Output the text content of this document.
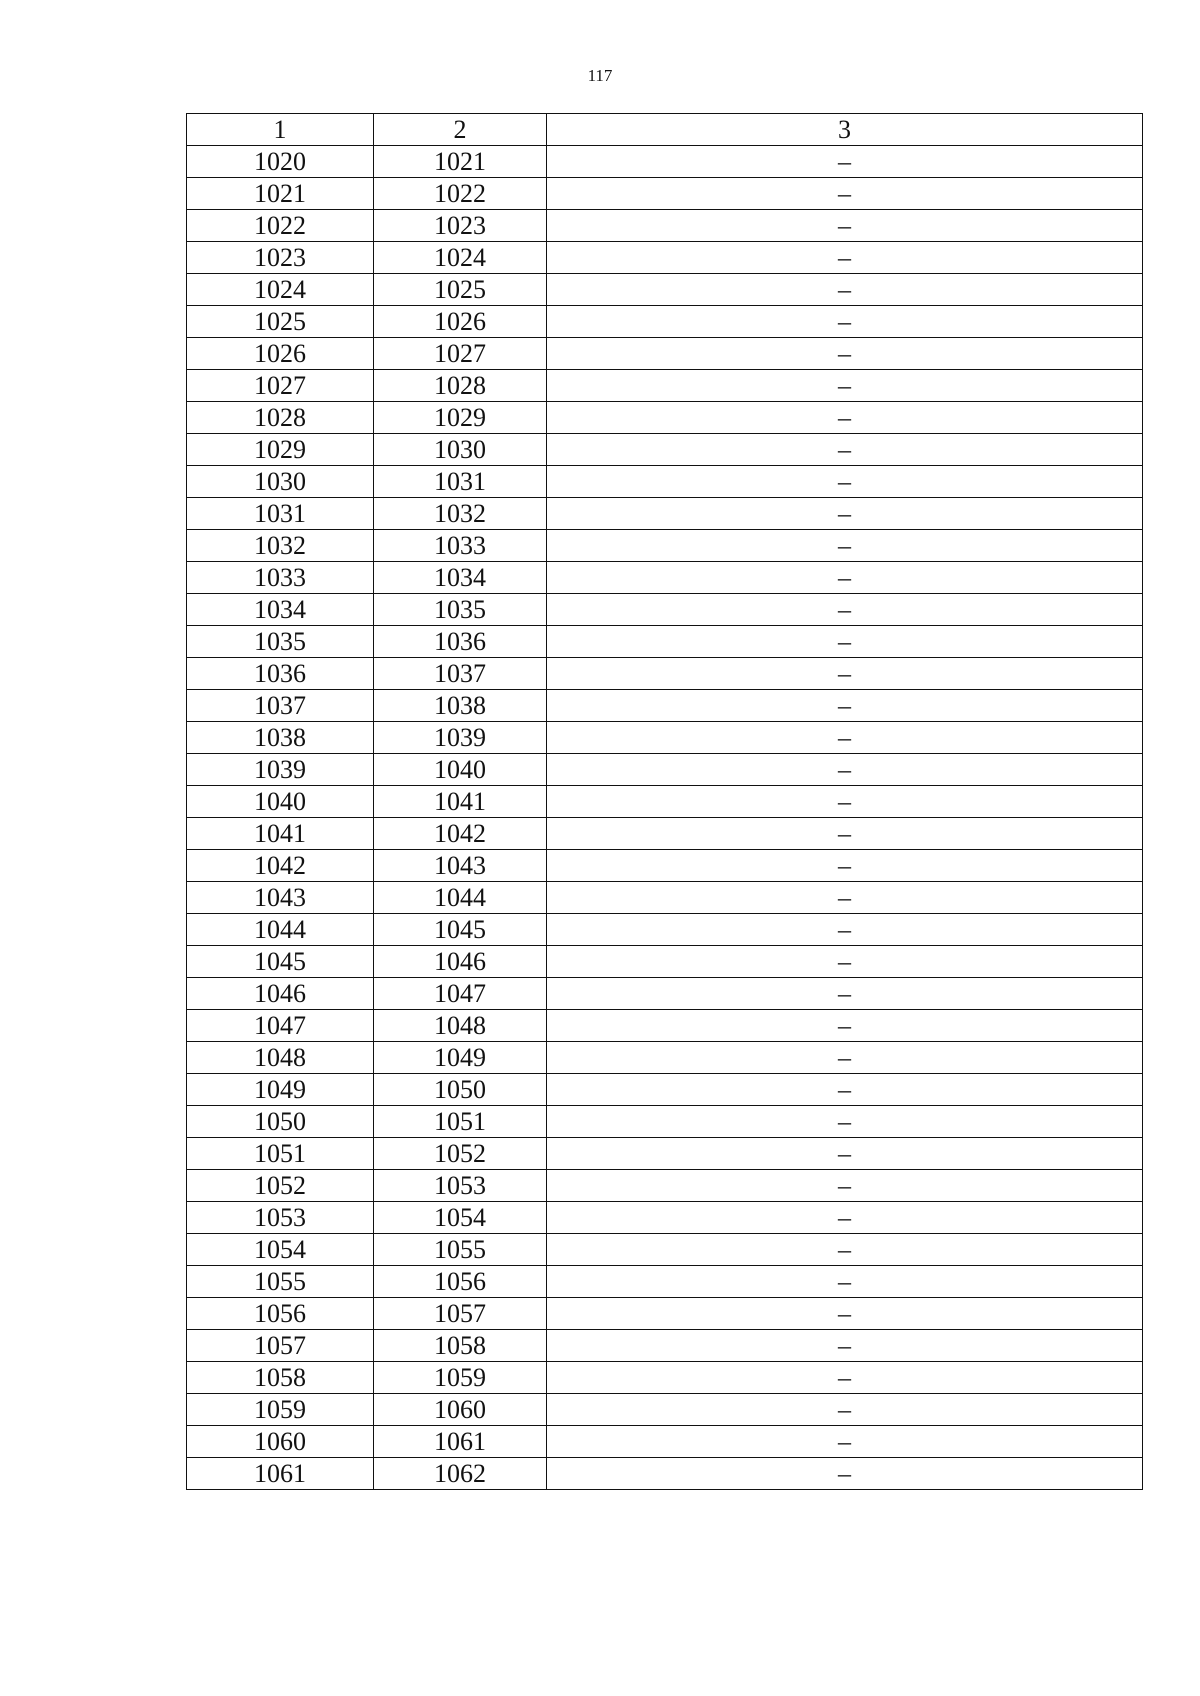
117
1	2	3
1020	1021	–
1021	1022	–
1022	1023	–
1023	1024	–
1024	1025	–
1025	1026	–
1026	1027	–
1027	1028	–
1028	1029	–
1029	1030	–
1030	1031	–
1031	1032	–
1032	1033	–
1033	1034	–
1034	1035	–
1035	1036	–
1036	1037	–
1037	1038	–
1038	1039	–
1039	1040	–
1040	1041	–
1041	1042	–
1042	1043	–
1043	1044	–
1044	1045	–
1045	1046	–
1046	1047	–
1047	1048	–
1048	1049	–
1049	1050	–
1050	1051	–
1051	1052	–
1052	1053	–
1053	1054	–
1054	1055	–
1055	1056	–
1056	1057	–
1057	1058	–
1058	1059	–
1059	1060	–
1060	1061	–
1061	1062	–
